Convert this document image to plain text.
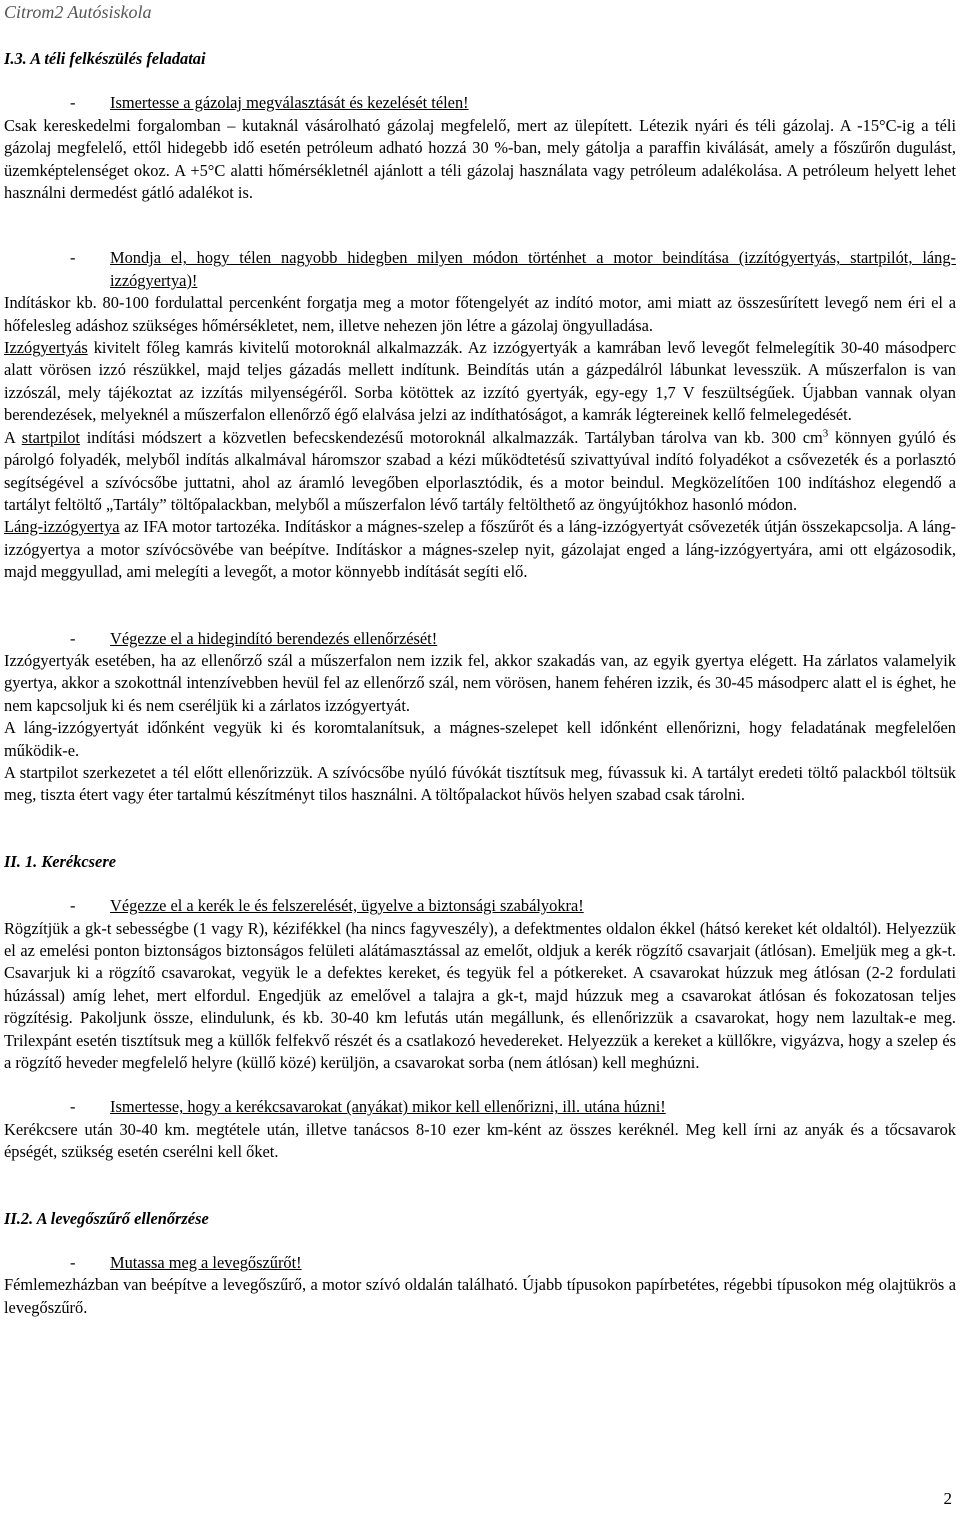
Citrom2 Autósiskola

I.3. A téli felkészülés feladatai

-	Ismertesse a gázolaj megválasztását és kezelését télen!

Csak kereskedelmi forgalomban – kutaknál vásárolható gázolaj megfelelő, mert az ülepített. Létezik nyári és téli gázolaj. A -15°C-ig a téli gázolaj megfelelő, ettől hidegebb idő esetén petróleum adható hozzá 30 %-ban, mely gátolja a paraffin kiválását, amely a főszűrőn dugulást, üzemképtelenséget okoz. A +5°C alatti hőmérsékletnél ajánlott a téli gázolaj használata vagy petróleum adalékolása. A petróleum helyett lehet használni dermedést gátló adalékot is.

-	Mondja el, hogy télen nagyobb hidegben milyen módon történhet a motor beindítása (izzítógyertyás, startpilót, láng-izzógyertya)!

Indításkor kb. 80-100 fordulattal percenként forgatja meg a motor főtengelyét az indító motor, ami miatt az összesűrített levegő nem éri el a hőfelesleg adáshoz szükséges hőmérsékletet, nem, illetve nehezen jön létre a gázolaj öngyulladása.

Izzógyertyás kivitelt főleg kamrás kivitelű motoroknál alkalmazzák. Az izzógyertyák a kamrában levő levegőt felmelegítik 30-40 másodperc alatt vörösen izzó részükkel, majd teljes gázadás mellett indítunk. Beindítás után a gázpedálról lábunkat levesszük. A műszerfalon is van izzószál, mely tájékoztat az izzítás milyenségéről. Sorba kötöttek az izzító gyertyák, egy-egy 1,7 V feszültségűek. Újabban vannak olyan berendezések, melyeknél a műszerfalon ellenőrző égő elalvása jelzi az indíthatóságot, a kamrák légtereinek kellő felmelegedését.

A startpilot indítási módszert a közvetlen befecskendezésű motoroknál alkalmazzák. Tartályban tárolva van kb. 300 $cm^3$ könnyen gyúló és párolgó folyadék, melyből indítás alkalmával háromszor szabad a kézi működtetésű szivattyúval indító folyadékot a csővezeték és a porlasztó segítségével a szívócsőbe juttatni, ahol az áramló levegőben elporlasztódik, és a motor beindul. Megközelítően 100 indításhoz elegendő a tartályt feltöltő „Tartály” töltőpalackban, melyből a műszerfalon lévő tartály feltölthető az öngyújtókhoz hasonló módon.

Láng-izzógyertya az IFA motor tartozéka. Indításkor a mágnes-szelep a főszűrőt és a láng-izzógyertyát csővezeték útján összekapcsolja. A láng-izzógyertya a motor szívócsövébe van beépítve. Indításkor a mágnes-szelep nyit, gázolajat enged a láng-izzógyertyára, ami ott elgázosodik, majd meggyullad, ami melegíti a levegőt, a motor könnyebb indítását segíti elő.

-	Végezze el a hidegindító berendezés ellenőrzését!

Izzógyertyák esetében, ha az ellenőrző szál a műszerfalon nem izzik fel, akkor szakadás van, az egyik gyertya elégett. Ha zárlatos valamelyik gyertya, akkor a szokottnál intenzívebben hevül fel az ellenőrző szál, nem vörösen, hanem fehéren izzik, és 30-45 másodperc alatt el is éghet, he nem kapcsoljuk ki és nem cseréljük ki a zárlatos izzógyertyát.

A láng-izzógyertyát időnként vegyük ki és koromtalanítsuk, a mágnes-szelepet kell időnként ellenőrizni, hogy feladatának megfelelően működik-e.

A startpilot szerkezetet a tél előtt ellenőrizzük. A szívócsőbe nyúló fúvókát tisztítsuk meg, fúvassuk ki. A tartályt eredeti töltő palackból töltsük meg, tiszta étert vagy éter tartalmú készítményt tilos használni. A töltőpalackot hűvös helyen szabad csak tárolni.

II. 1. Kerékcsere

-	Végezze el a kerék le és felszerelését, ügyelve a biztonsági szabályokra!

Rögzítjük a gk-t sebességbe (1 vagy R), kézifékkel (ha nincs fagyveszély), a defektmentes oldalon ékkel (hátsó kereket két oldaltól). Helyezzük el az emelési ponton biztonságos biztonságos felületi alátámasztással az emelőt, oldjuk a kerék rögzítő csavarjait (átlósan). Emeljük meg a gk-t. Csavarjuk ki a rögzítő csavarokat, vegyük le a defektes kereket, és tegyük fel a pótkereket. A csavarokat húzzuk meg átlósan (2-2 fordulati húzással) amíg lehet, mert elfordul. Engedjük az emelővel a talajra a gk-t, majd húzzuk meg a csavarokat átlósan és fokozatosan teljes rögzítésig. Pakoljunk össze, elindulunk, és kb. 30-40 km lefutás után megállunk, és ellenőrizzük a csavarokat, hogy nem lazultak-e meg. Trilexpánt esetén tisztítsuk meg a küllők felfekvő részét és a csatlakozó hevedereket. Helyezzük a kereket a küllőkre, vigyázva, hogy a szelep és a rögzítő heveder megfelelő helyre (küllő közé) kerüljön, a csavarokat sorba (nem átlósan) kell meghúzni.

-	Ismertesse, hogy a kerékcsavarokat (anyákat) mikor kell ellenőrizni, ill. utána húzni!

Kerékcsere után 30-40 km. megtétele után, illetve tanácsos 8-10 ezer km-ként az összes keréknél. Meg kell írni az anyák és a tőcsavarok épségét, szükség esetén cserélni kell őket.

II.2. A levegőszűrő ellenőrzése

-	Mutassa meg a levegőszűrőt!

Fémlemezházban van beépítve a levegőszűrő, a motor szívó oldalán található. Újabb típusokon papírbetétes, régebbi típusokon még olajtükrös a levegőszűrő.

2
